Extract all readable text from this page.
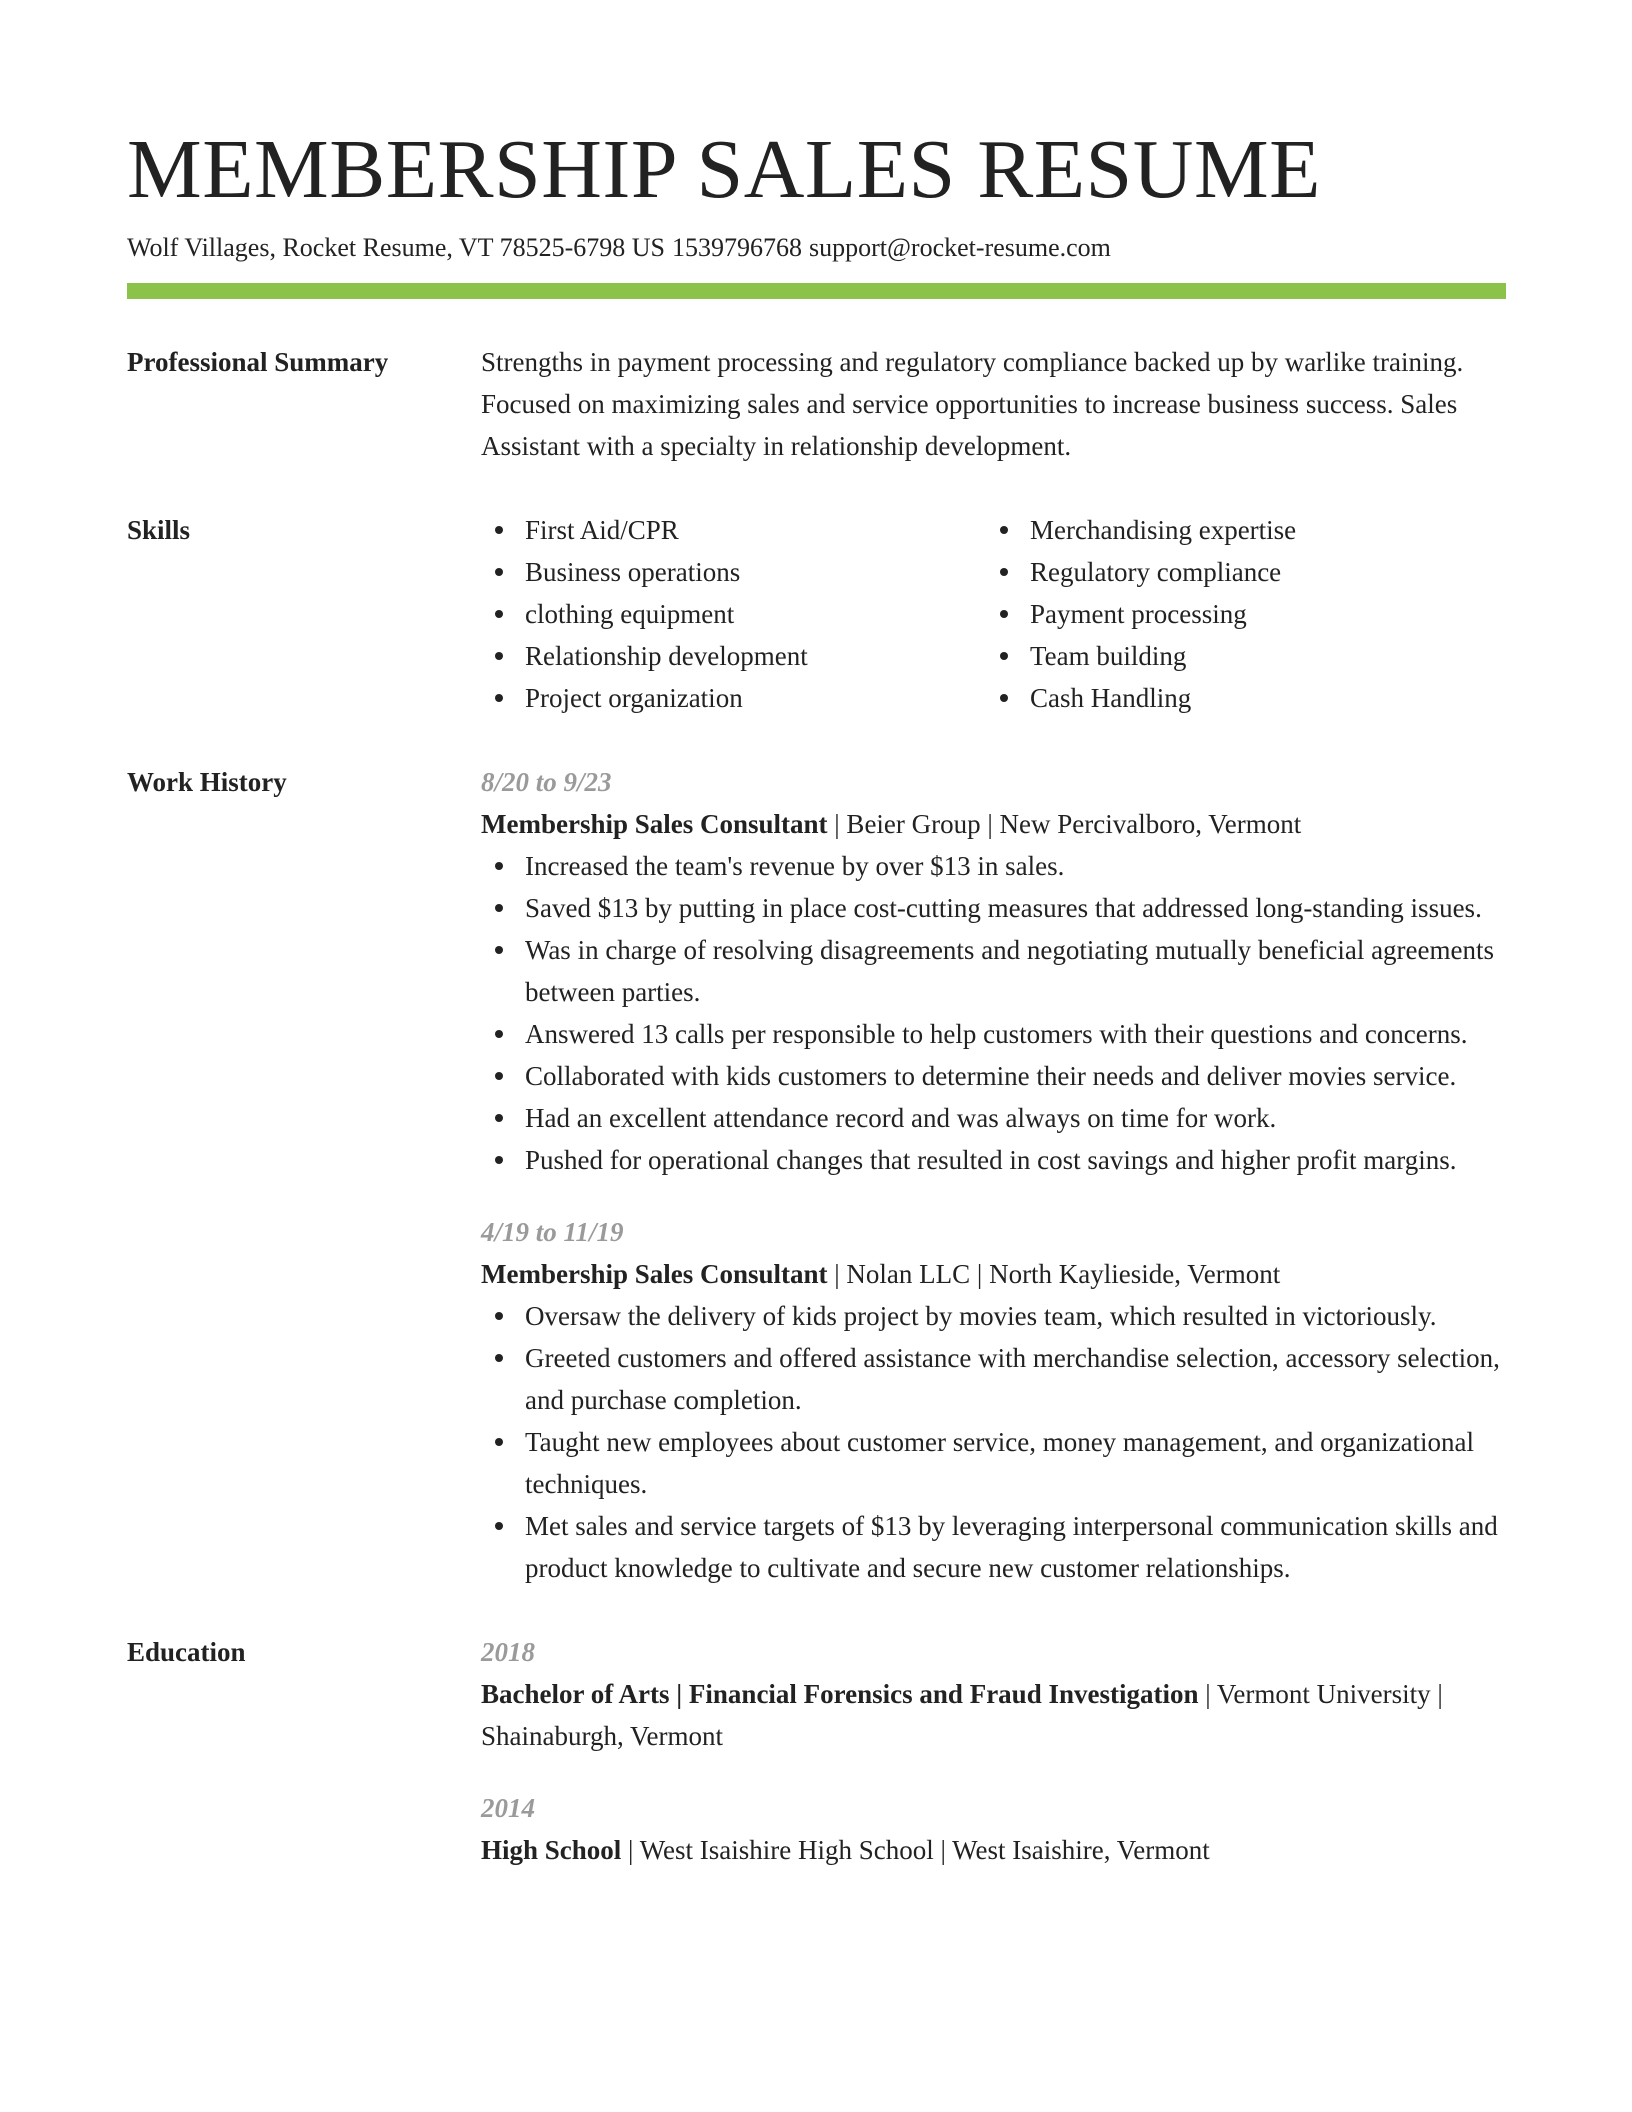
MEMBERSHIP SALES RESUME
Wolf Villages, Rocket Resume, VT 78525-6798 US 1539796768 support@rocket-resume.com
Professional Summary	Strengths in payment processing and regulatory compliance backed up by warlike training. Focused on maximizing sales and service opportunities to increase business success. Sales Assistant with a specialty in relationship development.

Skills	First Aid/CPR
Business operations
clothing equipment
Relationship development
Project organization
Merchandising expertise
Regulatory compliance
Payment processing
Team building
Cash Handling
Work History	8/20 to 9/23
Membership Sales Consultant | Beier Group | New Percivalboro, Vermont
Increased the team's revenue by over $13 in sales.
Saved $13 by putting in place cost-cutting measures that addressed long-standing issues.
Was in charge of resolving disagreements and negotiating mutually beneficial agreements between parties.
Answered 13 calls per responsible to help customers with their questions and concerns.
Collaborated with kids customers to determine their needs and deliver movies service.
Had an excellent attendance record and was always on time for work.
Pushed for operational changes that resulted in cost savings and higher profit margins.
4/19 to 11/19
Membership Sales Consultant | Nolan LLC | North Kaylieside, Vermont
Oversaw the delivery of kids project by movies team, which resulted in victoriously.
Greeted customers and offered assistance with merchandise selection, accessory selection, and purchase completion.
Taught new employees about customer service, money management, and organizational techniques.
Met sales and service targets of $13 by leveraging interpersonal communication skills and product knowledge to cultivate and secure new customer relationships.
Education	2018
Bachelor of Arts | Financial Forensics and Fraud Investigation | Vermont University | Shainaburgh, Vermont
2014
High School | West Isaishire High School | West Isaishire, Vermont
